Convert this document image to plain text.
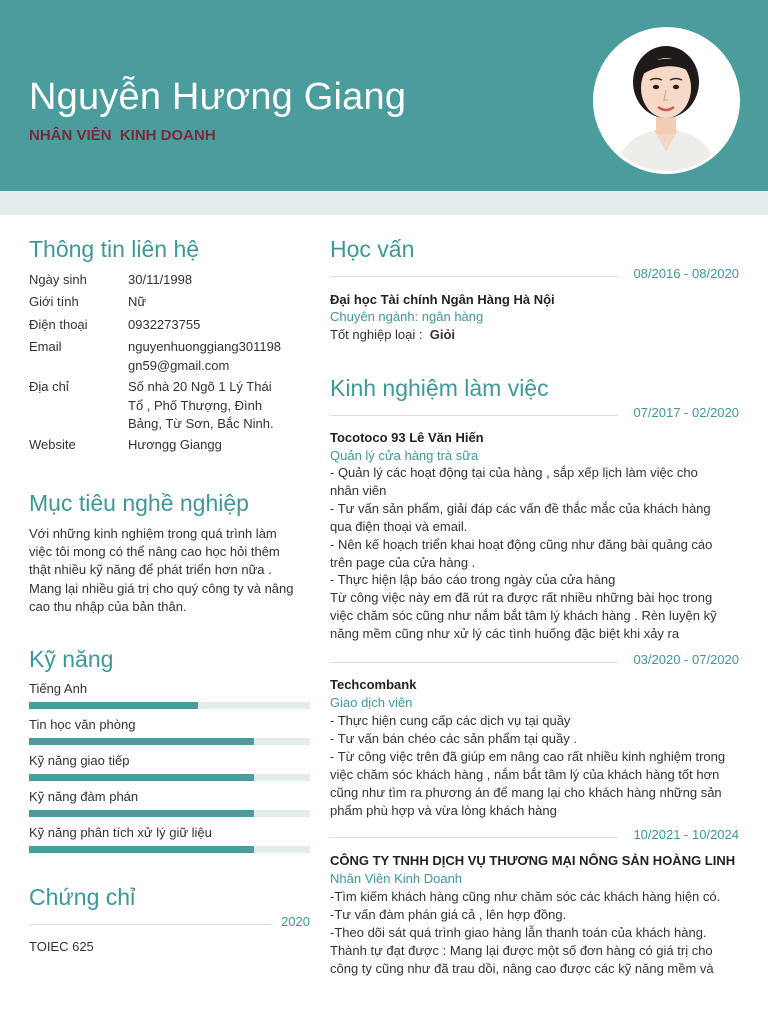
Nguyễn Hương Giang
NHÂN VIÊN  KINH DOANH
Thông tin liên hệ
Ngày sinh	30/11/1998
Giới tính	Nữ
Điện thoại	0932273755
Email	nguyenhuonggiang301198
gn59@gmail.com
Địa chỉ	Số nhà 20 Ngõ 1 Lý Thái
Tổ , Phố Thượng, Đình
Bảng, Từ Sơn, Bắc Ninh.
Website	Hươngg Giangg
Mục tiêu nghề nghiệp
Với những kinh nghiệm trong quá trình làm
việc tôi mong có thể nâng cao học hỏi thêm
thật nhiều kỹ năng để phát triển hơn nữa .
Mang lại nhiều giá trị cho quý công ty và nâng
cao thu nhập của bản thân.
Kỹ năng
Tiếng Anh
Tin học văn phòng
Kỹ năng giao tiếp
Kỹ năng đàm phán
Kỹ năng phân tích xử lý giữ liệu
Chứng chỉ
2020
TOIEC 625
Học vấn
08/2016 - 08/2020
Đại học Tài chính Ngân Hàng Hà Nội
Chuyên ngành: ngân hàng
Tốt nghiệp loại : Giỏi
Kinh nghiệm làm việc
07/2017 - 02/2020
Tocotoco 93 Lê Văn Hiến
Quản lý cửa hàng trà sữa

- Quản lý các hoạt động tại của hàng , sắp xếp lịch làm việc cho

nhân viên

- Tư vấn sản phẩm, giải đáp các vấn đề thắc mắc của khách hàng

qua điện thoại và email.

- Nên kế hoạch triển khai hoạt động cũng như đăng bài quảng cáo

trên page của cửa hàng .

- Thực hiện lập báo cáo trong ngày của cửa hàng

Từ công việc này em đã rút ra được rất nhiều những bài học trong

việc chăm sóc cũng như nắm bắt tâm lý khách hàng . Rèn luyện kỹ

năng mềm cũng như xử lý các tình huống đặc biệt khi xảy ra

03/2020 - 07/2020
Techcombank
Giao dịch viên

- Thực hiện cung cấp các dịch vụ tại quầy

- Tư vấn bán chéo các sản phẩm tại quầy .

- Từ công việc trên đã giúp em nâng cao rất nhiều kinh nghiệm trong

việc chăm sóc khách hàng , nắm bắt tâm lý của khách hàng tốt hơn

cũng như tìm ra phương án để mang lại cho khách hàng những sản

phẩm phù hợp và vừa lòng khách hàng

10/2021 - 10/2024
CÔNG TY TNHH DỊCH VỤ THƯƠNG MẠI NÔNG SẢN HOÀNG LINH
Nhân Viên Kinh Doanh

-Tìm kiếm khách hàng cũng như chăm sóc các khách hàng hiện có.

-Tư vấn đàm phán giá cả , lên hợp đồng.

-Theo dõi sát quá trình giao hàng lẫn thanh toán của khách hàng.

Thành tự đạt được : Mang lại được một số đơn hàng có giá trị cho

công ty cũng như đã trau dồi, nâng cao được các kỹ năng mềm và
